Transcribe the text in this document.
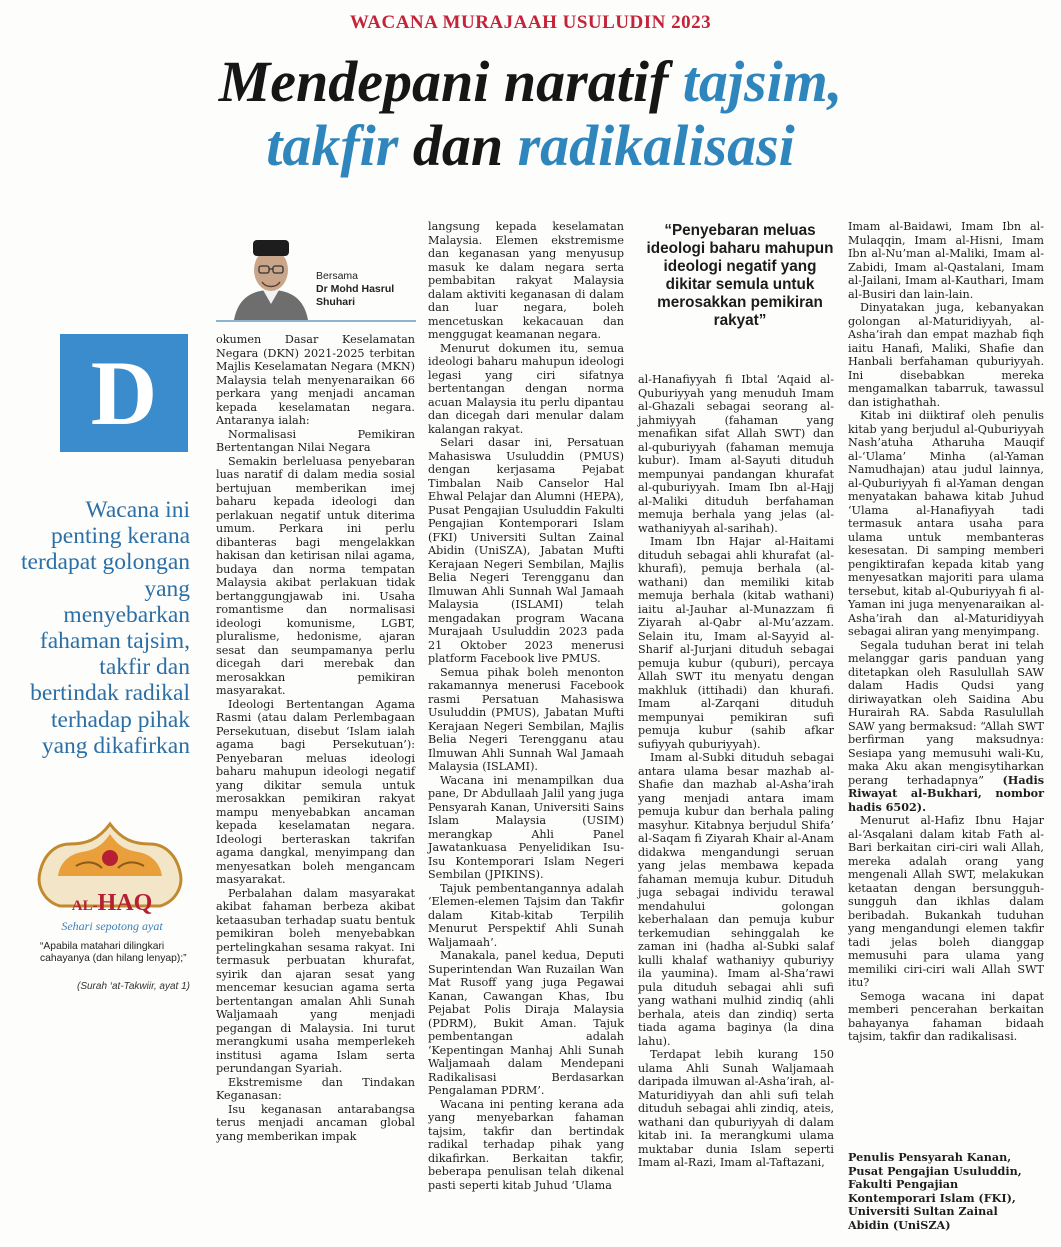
WACANA MURAJAAH USULUDIN 2023
Mendepani naratif tajsim,
takfir dan radikalisasi
Bersama
Dr Mohd Hasrul
Shuhari
D
Wacana ini penting kerana terdapat golongan yang menyebarkan fahaman tajsim, takfir dan bertindak radikal terhadap pihak yang dikafirkan
AL-HAQ
Sehari sepotong ayat
“Apabila matahari dilingkari cahayanya (dan hilang lenyap);”
(Surah ‘at-Takwiir, ayat 1)

okumen Dasar Keselamatan Negara (DKN) 2021-2025 terbitan Majlis Keselamatan Negara (MKN) Malaysia telah menyenaraikan 66 perkara yang menjadi ancaman kepada keselamatan negara. Antaranya ialah:

Normalisasi Pemikiran Bertentangan Nilai Negara

Semakin berleluasa penyebaran luas naratif di dalam media sosial bertujuan memberikan imej baharu kepada ideologi dan perlakuan negatif untuk diterima umum. Perkara ini perlu dibanteras bagi mengelakkan hakisan dan ketirisan nilai agama, budaya dan norma tempatan Malaysia akibat perlakuan tidak bertanggungjawab ini. Usaha romantisme dan normalisasi ideologi komunisme, LGBT, pluralisme, hedonisme, ajaran sesat dan seumpamanya perlu dicegah dari merebak dan merosakkan pemikiran masyarakat.

Ideologi Bertentangan Agama Rasmi (atau dalam Perlembagaan Persekutuan, disebut ‘Islam ialah agama bagi Persekutuan’): Penyebaran meluas ideologi baharu mahupun ideologi negatif yang dikitar semula untuk merosakkan pemikiran rakyat mampu menyebabkan ancaman kepada keselamatan negara. Ideologi berteraskan takrifan agama dangkal, menyimpang dan menyesatkan boleh mengancam masyarakat.

Perbalahan dalam masyarakat akibat fahaman berbeza akibat ketaasuban terhadap suatu bentuk pemikiran boleh menyebabkan pertelingkahan sesama rakyat. Ini termasuk perbuatan khurafat, syirik dan ajaran sesat yang mencemar kesucian agama serta bertentangan amalan Ahli Sunah Waljamaah yang menjadi pegangan di Malaysia. Ini turut merangkumi usaha memperlekeh institusi agama Islam serta perundangan Syariah.

Ekstremisme dan Tindakan Keganasan:

Isu keganasan antarabangsa terus menjadi ancaman global yang memberikan impak

langsung kepada keselamatan Malaysia. Elemen ekstremisme dan keganasan yang menyusup masuk ke dalam negara serta pembabitan rakyat Malaysia dalam aktiviti keganasan di dalam dan luar negara, boleh mencetuskan kekacauan dan menggugat keamanan negara.

Menurut dokumen itu, semua ideologi baharu mahupun ideologi legasi yang ciri sifatnya bertentangan dengan norma acuan Malaysia itu perlu dipantau dan dicegah dari menular dalam kalangan rakyat.

Selari dasar ini, Persatuan Mahasiswa Usuluddin (PMUS) dengan kerjasama Pejabat Timbalan Naib Canselor Hal Ehwal Pelajar dan Alumni (HEPA), Pusat Pengajian Usuluddin Fakulti Pengajian Kontemporari Islam (FKI) Universiti Sultan Zainal Abidin (UniSZA), Jabatan Mufti Kerajaan Negeri Sembilan, Majlis Belia Negeri Terengganu dan Ilmuwan Ahli Sunnah Wal Jamaah Malaysia (ISLAMI) telah mengadakan program Wacana Murajaah Usuluddin 2023 pada 21 Oktober 2023 menerusi platform Facebook live PMUS.

Semua pihak boleh menonton rakamannya menerusi Facebook rasmi Persatuan Mahasiswa Usuluddin (PMUS), Jabatan Mufti Kerajaan Negeri Sembilan, Majlis Belia Negeri Terengganu atau Ilmuwan Ahli Sunnah Wal Jamaah Malaysia (ISLAMI).

Wacana ini menampilkan dua pane, Dr Abdullaah Jalil yang juga Pensyarah Kanan, Universiti Sains Islam Malaysia (USIM) merangkap Ahli Panel Jawatankuasa Penyelidikan Isu-Isu Kontemporari Islam Negeri Sembilan (JPIKINS).

Tajuk pembentangannya adalah ‘Elemen-elemen Tajsim dan Takfir dalam Kitab-kitab Terpilih Menurut Perspektif Ahli Sunah Waljamaah’.

Manakala, panel kedua, Deputi Superintendan Wan Ruzailan Wan Mat Rusoff yang juga Pegawai Kanan, Cawangan Khas, Ibu Pejabat Polis Diraja Malaysia (PDRM), Bukit Aman. Tajuk pembentangan adalah ‘Kepentingan Manhaj Ahli Sunah Waljamaah dalam Mendepani Radikalisasi Berdasarkan Pengalaman PDRM’.

Wacana ini penting kerana ada yang menyebarkan fahaman tajsim, takfir dan bertindak radikal terhadap pihak yang dikafirkan. Berkaitan takfir, beberapa penulisan telah dikenal pasti seperti kitab Juhud ‘Ulama

“Penyebaran meluas ideologi baharu mahupun ideologi negatif yang dikitar semula untuk merosakkan pemikiran rakyat”

al-Hanafiyyah fi Ibtal ‘Aqaid al-Quburiyyah yang menuduh Imam al-Ghazali sebagai seorang al-jahmiyyah (fahaman yang menafikan sifat Allah SWT) dan al-quburiyyah (fahaman memuja kubur). Imam al-Sayuti dituduh mempunyai pandangan khurafat al-quburiyyah. Imam Ibn al-Hajj al-Maliki dituduh berfahaman memuja berhala yang jelas (al-wathaniyyah al-sarihah).

Imam Ibn Hajar al-Haitami dituduh sebagai ahli khurafat (al-khurafi), pemuja berhala (al-wathani) dan memiliki kitab memuja berhala (kitab wathani) iaitu al-Jauhar al-Munazzam fi Ziyarah al-Qabr al-Mu’azzam. Selain itu, Imam al-Sayyid al-Sharif al-Jurjani dituduh sebagai pemuja kubur (quburi), percaya Allah SWT itu menyatu dengan makhluk (ittihadi) dan khurafi. Imam al-Zarqani dituduh mempunyai pemikiran sufi pemuja kubur (sahib afkar sufiyyah quburiyyah).

Imam al-Subki dituduh sebagai antara ulama besar mazhab al-Shafie dan mazhab al-Asha’irah yang menjadi antara imam pemuja kubur dan berhala paling masyhur. Kitabnya berjudul Shifa’ al-Saqam fi Ziyarah Khair al-Anam didakwa mengandungi seruan yang jelas membawa kepada fahaman memuja kubur. Dituduh juga sebagai individu terawal mendahului golongan keberhalaan dan pemuja kubur terkemudian sehinggalah ke zaman ini (hadha al-Subki salaf kulli khalaf wathaniyy quburiyy ila yaumina). Imam al-Sha’rawi pula dituduh sebagai ahli sufi yang wathani mulhid zindiq (ahli berhala, ateis dan zindiq) serta tiada agama baginya (la dina lahu).

Terdapat lebih kurang 150 ulama Ahli Sunah Waljamaah daripada ilmuwan al-Asha’irah, al-Maturidiyyah dan ahli sufi telah dituduh sebagai ahli zindiq, ateis, wathani dan quburiyyah di dalam kitab ini. Ia merangkumi ulama muktabar dunia Islam seperti Imam al-Razi, Imam al-Taftazani,

Imam al-Baidawi, Imam Ibn al-Mulaqqin, Imam al-Hisni, Imam Ibn al-Nu’man al-Maliki, Imam al-Zabidi, Imam al-Qastalani, Imam al-Jailani, Imam al-Kauthari, Imam al-Busiri dan lain-lain.

Dinyatakan juga, kebanyakan golongan al-Maturidiyyah, al-Asha’irah dan empat mazhab fiqh iaitu Hanafi, Maliki, Shafie dan Hanbali berfahaman quburiyyah. Ini disebabkan mereka mengamalkan tabarruk, tawassul dan istighathah.

Kitab ini diiktiraf oleh penulis kitab yang berjudul al-Quburiyyah Nash’atuha Atharuha Mauqif al-‘Ulama’ Minha (al-Yaman Namudhajan) atau judul lainnya, al-Quburiyyah fi al-Yaman dengan menyatakan bahawa kitab Juhud ‘Ulama al-Hanafiyyah tadi termasuk antara usaha para ulama untuk membanteras kesesatan. Di samping memberi pengiktirafan kepada kitab yang menyesatkan majoriti para ulama tersebut, kitab al-Quburiyyah fi al-Yaman ini juga menyenaraikan al-Asha’irah dan al-Maturidiyyah sebagai aliran yang menyimpang.

Segala tuduhan berat ini telah melanggar garis panduan yang ditetapkan oleh Rasulullah SAW dalam Hadis Qudsi yang diriwayatkan oleh Saidina Abu Hurairah RA. Sabda Rasulullah SAW yang bermaksud: “Allah SWT berfirman yang maksudnya: Sesiapa yang memusuhi wali-Ku, maka Aku akan mengisytiharkan perang terhadapnya” (Hadis Riwayat al-Bukhari, nombor hadis 6502).

Menurut al-Hafiz Ibnu Hajar al-‘Asqalani dalam kitab Fath al-Bari berkaitan ciri-ciri wali Allah, mereka adalah orang yang mengenali Allah SWT, melakukan ketaatan dengan bersungguh-sungguh dan ikhlas dalam beribadah. Bukankah tuduhan yang mengandungi elemen takfir tadi jelas boleh dianggap memusuhi para ulama yang memiliki ciri-ciri wali Allah SWT itu?

Semoga wacana ini dapat memberi pencerahan berkaitan bahayanya fahaman bidaah tajsim, takfir dan radikalisasi.

Penulis Pensyarah Kanan, Pusat Pengajian Usuluddin, Fakulti Pengajian Kontemporari Islam (FKI), Universiti Sultan Zainal Abidin (UniSZA)
